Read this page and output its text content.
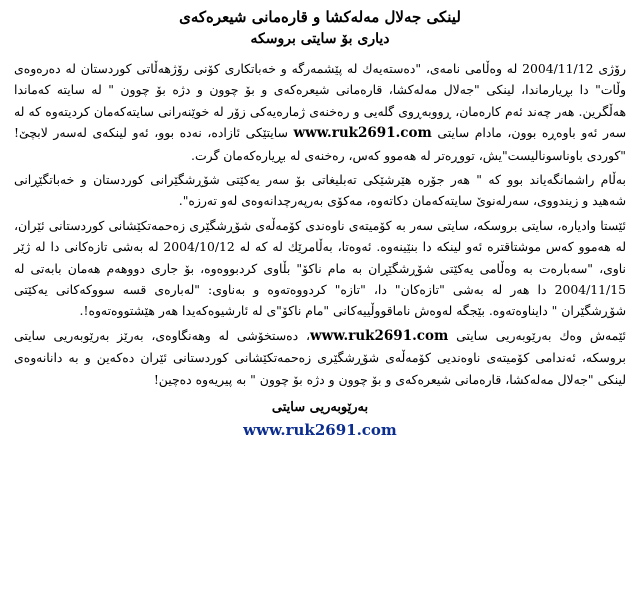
لینكی جەلال مەلەكشا و قارەمانی شیعرەكەی
دیاری بۆ سایتی بروسكە

رۆژی 2004/11/12 لە وەڵامی نامەی، "دەستەیەك لە پێشمەرگە و خەباتكاری كۆنی رۆژهەڵاتی كوردستان لە دەرەوەی وڵات" دا بڕیارماندا، لینكی "جەلال مەلەكشا، قارەمانی شیعرەكەی و بۆ چوون و دژە بۆ چوون " لە سایتە كەماندا هەڵگرین. هەر چەند ئەم كارەمان، ڕووبەڕوی گلەیی و رەخنەی ژمارەیەكی زۆر لە خوێنەرانی سایتەكەمان كردیتەوە كە لە سەر ئەو باوەڕە بوون، مادام سایتی www.ruk2691.com سایتێكی ئازادە، نەدە بوو، ئەو لینكەی لەسەر لابچێ! "كوردی باوناسونالیست"یش، تووڕەتر لە هەموو كەس، رەخنەی لە بڕیارەكەمان گرت.

بەڵام راشمانگەیاند بوو كە " هەر جۆرە هێرشێكی تەبلیغاتی بۆ سەر یەكێتی شۆڕشگێرانی كوردستان و خەباتگێڕانی شەهید و زیندووی، سەرلەنوێ سایتەكەمان دكاتەوە، مەكۆی بەرپەرچدانەوەی لەو تەرزە".

ئێستا وادیارە، سایتی بروسكە، سایتی سەر بە كۆمیتەی ناوەندی كۆمەڵەی شۆڕشگێری زەحمەتكێشانی كوردستانی ئێران، لە هەموو كەس موشتاقترە ئەو لینكە دا بنێینەوە. ئەوەتا، بەڵامرێك لە كە لە 2004/10/12 لە بەشی تازەكانی دا لە ژێر ناوی، "سەبارەت بە وەڵامی یەكێتی شۆڕشگێڕان بە مام ناكۆ" بڵاوی كردبووەوە، بۆ جاری دووهەم هەمان بابەتی لە 2004/11/15 دا هەر لە بەشی "تازەكان" دا، "تازە" كردووەتەوە و بەناوی: "لەبارەی قسە سووكەكانی یەكێتی شۆڕشگێران " دایناوەتەوە. بێجگە لەوەش ناماقووڵییەكانی "مام ناكۆ"ی لە ئارشیوەكەیدا هەر هێشتووەتەوە!.

ئێمەش وەك بەرێوبەریی سایتی www.ruk2691.com، دەستخۆشی لە وهەنگاوەی، بەرێز بەرێوبەریی سایتی بروسكە، ئەندامی كۆمیتەی ناوەندیی كۆمەڵەی شۆڕشگێری زەحمەتكێشانی كوردستانی ئێران دەكەین و بە دانانەوەی لینكی "جەلال مەلەكشا، قارەمانی شیعرەكەی و بۆ چوون و دژە بۆ چوون " بە پیریەوە دەچین!

بەرێوبەریی سایتی

www.ruk2691.com
